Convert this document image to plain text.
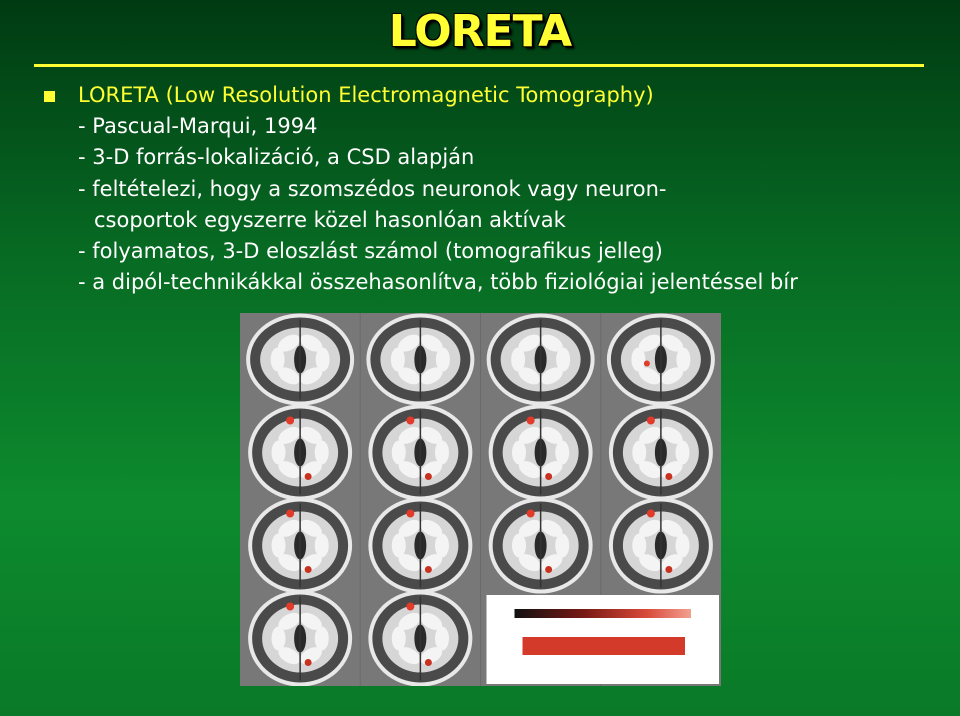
LORETA
LORETA (Low Resolution Electromagnetic Tomography)
- Pascual-Marqui, 1994
- 3-D forrás-lokalizáció, a CSD alapján
- feltételezi, hogy a szomszédos neuronok vagy neuron-
csoportok egyszerre közel hasonlóan aktívak
- folyamatos, 3-D eloszlást számol (tomografikus jelleg)
- a dipól-technikákkal összehasonlítva, több fiziológiai jelentéssel bír
